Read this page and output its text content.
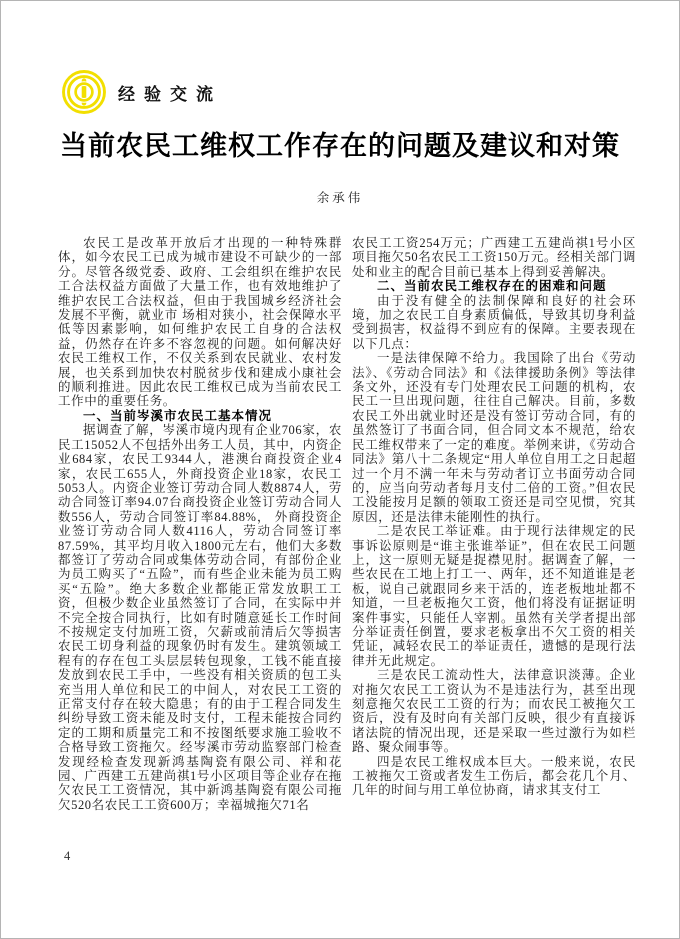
经验交流
当前农民工维权工作存在的问题及建议和对策
余承伟

农民工是改革开放后才出现的一种特殊群体，如今农民工已成为城市建设不可缺少的一部分。尽管各级党委、政府、工会组织在维护农民工合法权益方面做了大量工作，也有效地维护了维护农民工合法权益，但由于我国城乡经济社会发展不平衡，就业市 场相对狭小，社会保障水平低等因素影响，如何维护农民工自身的合法权益，仍然存在许多不容忽视的问题。如何解决好农民工维权工作，不仅关系到农民就业、农村发展，也关系到加快农村脱贫步伐和建成小康社会的顺利推进。因此农民工维权已成为当前农民工工作中的重要任务。

一、当前岑溪市农民工基本情况

据调查了解，岑溪市境内现有企业706家，农民工15052人不包括外出务工人员，其中，内资企业684家，农民工9344人，港澳台商投资企业4家，农民工655人，外商投资企业18家，农民工5053人。内资企业签订劳动合同人数8874人，劳动合同签订率94.07台商投资企业签订劳动合同人数556人，劳动合同签订率84.88%， 外商投资企业签订劳动合同人数4116人，劳动合同签订率87.59%，其平均月收入1800元左右，他们大多数都签订了劳动合同或集体劳动合同，有部份企业为员工购买了“五险”，而有些企业未能为员工购买“五险”。绝大多数企业都能正常发放职工工资，但极少数企业虽然签订了合同，在实际中并不完全按合同执行，比如有时随意延长工作时间不按规定支付加班工资，欠薪或前清后欠等损害农民工切身利益的现象仍时有发生。建筑领域工程有的存在包工头层层转包现象，工钱不能直接发放到农民工手中，一些没有相关资质的包工头充当用人单位和民工的中间人，对农民工工资的正常支付存在较大隐患；有的由于工程合同发生纠纷导致工资未能及时支付，工程未能按合同约定的工期和质量完工和不按图纸要求施工验收不合格导致工资拖欠。经岑溪市劳动监察部门检查发现经检查发现新鸿基陶瓷有限公司、祥和花园、广西建工五建尚祺1号小区项目等企业存在拖欠农民工工资情况，其中新鸿基陶瓷有限公司拖欠520名农民工工资600万；幸福城拖欠71名

农民工工资254万元；广西建工五建尚祺1号小区项目拖欠50名农民工工资150万元。经相关部门调处和业主的配合目前已基本上得到妥善解决。

二、当前农民工维权存在的困难和问题

由于没有健全的法制保障和良好的社会环境，加之农民工自身素质偏低，导致其切身利益受到损害，权益得不到应有的保障。主要表现在以下几点：

一是法律保障不给力。我国除了出台《劳动法》、《劳动合同法》和《法律援助条例》等法律条文外，还没有专门处理农民工问题的机构，农民工一旦出现问题，往往自己解决。目前，多数农民工外出就业时还是没有签订劳动合同，有的虽然签订了书面合同，但合同文本不规范，给农民工维权带来了一定的难度。举例来讲，《劳动合同法》第八十二条规定“用人单位自用工之日起超过一个月不满一年未与劳动者订立书面劳动合同的，应当向劳动者每月支付二倍的工资。”但农民工没能按月足额的领取工资还是司空见惯，究其原因，还是法律未能刚性的执行。

二是农民工举证难。由于现行法律规定的民事诉讼原则是“谁主张谁举证”，但在农民工问题上，这一原则无疑是捉襟见肘。据调查了解，一些农民在工地上打工一、两年，还不知道谁是老板，说自己就跟同乡来干活的，连老板地址都不知道，一旦老板拖欠工资，他们将没有证据证明案件事实，只能任人宰割。虽然有关学者提出部分举证责任倒置，要求老板拿出不欠工资的相关凭证，减轻农民工的举证责任，遗憾的是现行法律并无此规定。

三是农民工流动性大，法律意识淡薄。企业对拖欠农民工工资认为不是违法行为，甚至出现刻意拖欠农民工工资的行为；而农民工被拖欠工资后，没有及时向有关部门反映，很少有直接诉诸法院的情况出现，还是采取一些过激行为如栏路、聚众闹事等。

四是农民工维权成本巨大。一般来说，农民工被拖欠工资或者发生工伤后，都会花几个月、几年的时间与用工单位协商，请求其支付工

4
